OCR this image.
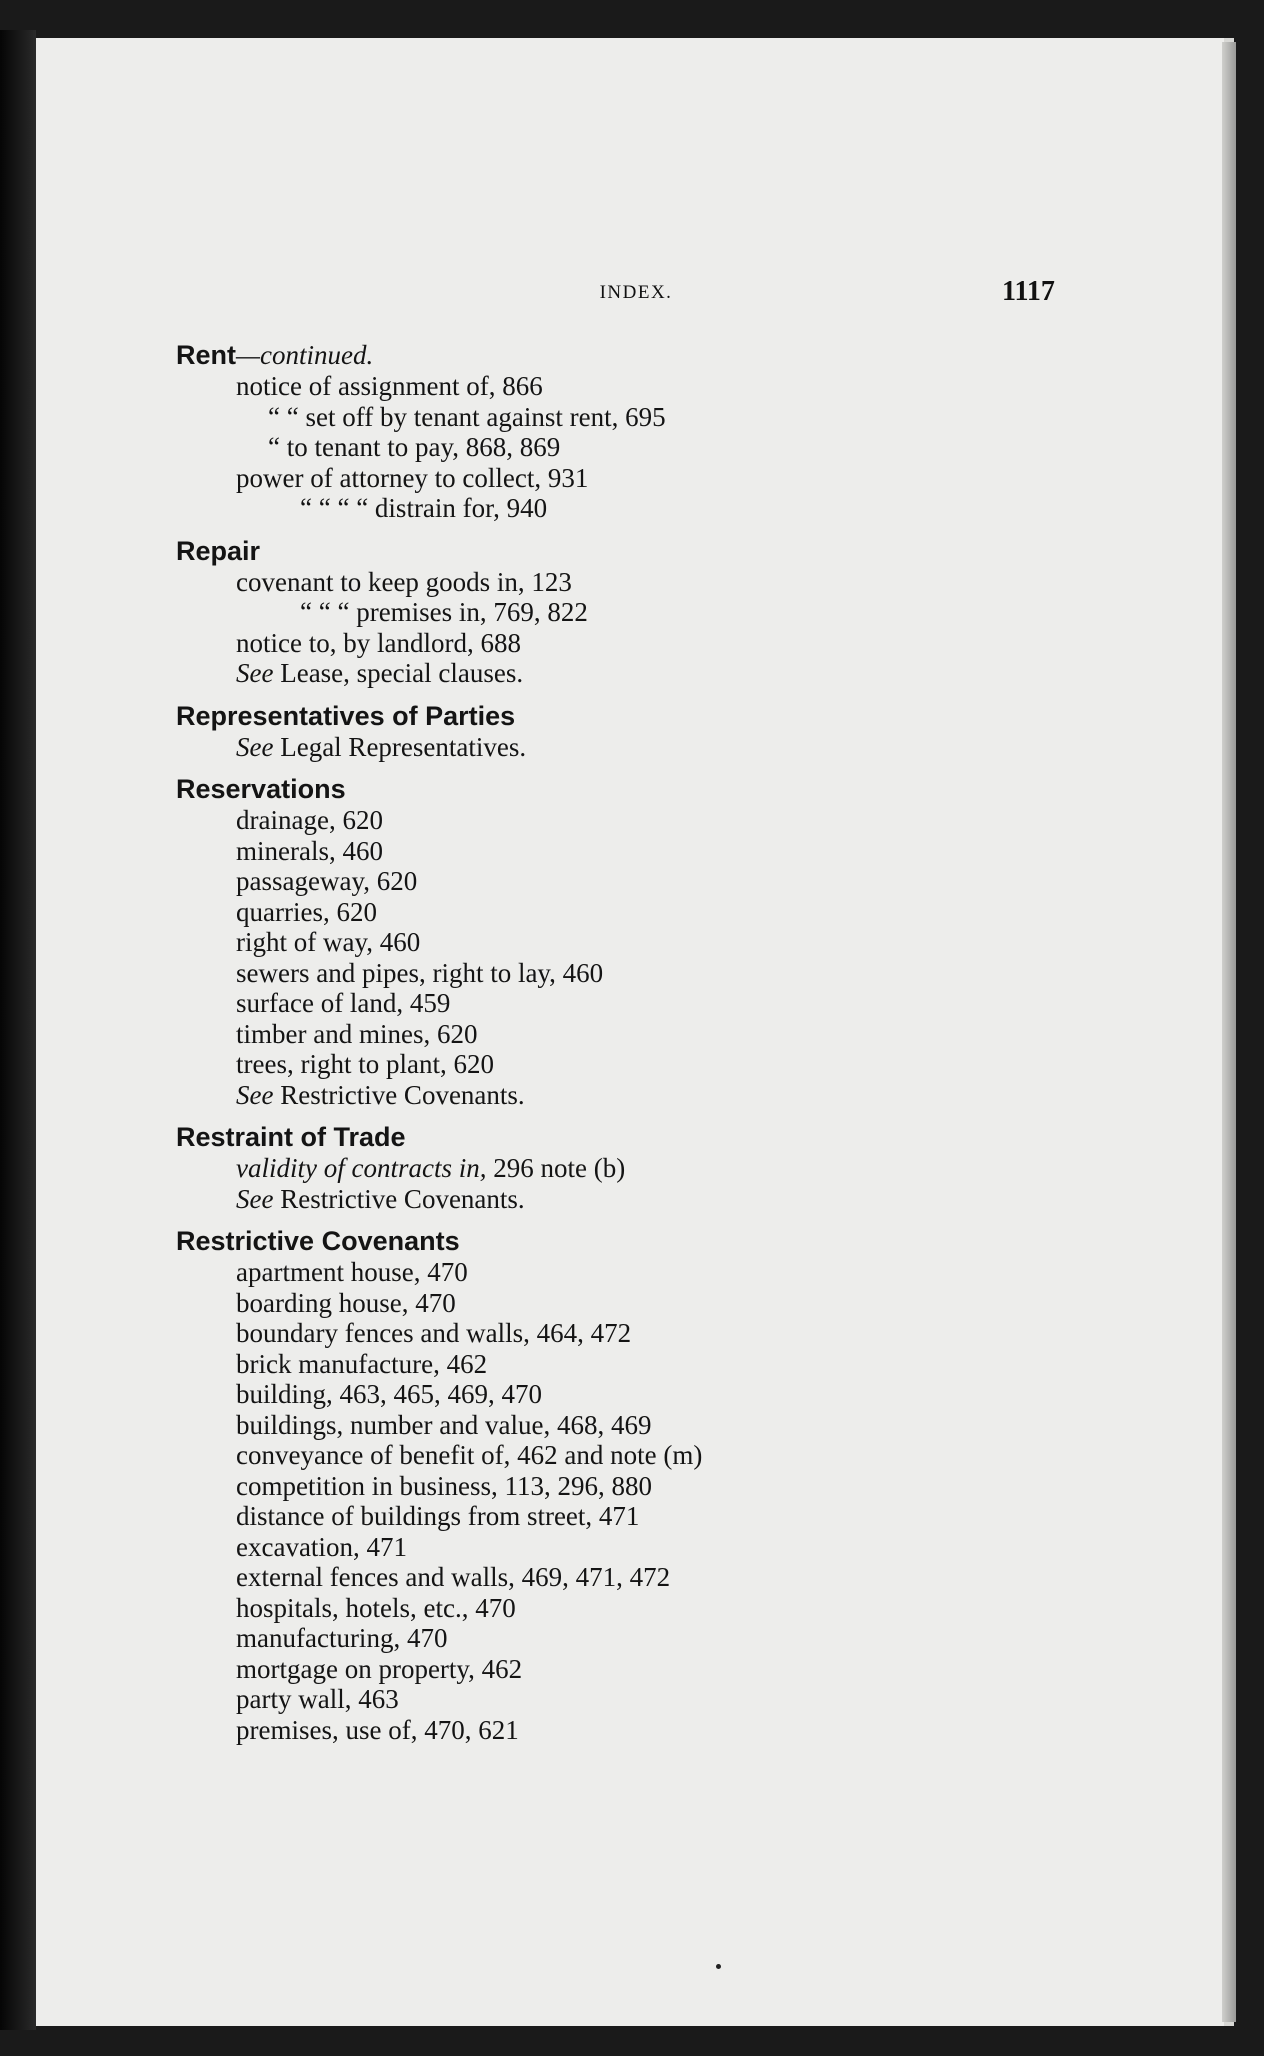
INDEX.	1117
Rent—continued.
notice of assignment of, 866
“ “ set off by tenant against rent, 695
“ to tenant to pay, 868, 869
power of attorney to collect, 931
“ “ “ “ distrain for, 940
Repair
covenant to keep goods in, 123
“ “ “ premises in, 769, 822
notice to, by landlord, 688
See Lease, special clauses.
Representatives of Parties
See Legal Representatives.
Reservations
drainage, 620
minerals, 460
passageway, 620
quarries, 620
right of way, 460
sewers and pipes, right to lay, 460
surface of land, 459
timber and mines, 620
trees, right to plant, 620
See Restrictive Covenants.
Restraint of Trade
validity of contracts in, 296 note (b)
See Restrictive Covenants.
Restrictive Covenants
apartment house, 470
boarding house, 470
boundary fences and walls, 464, 472
brick manufacture, 462
building, 463, 465, 469, 470
buildings, number and value, 468, 469
conveyance of benefit of, 462 and note (m)
competition in business, 113, 296, 880
distance of buildings from street, 471
excavation, 471
external fences and walls, 469, 471, 472
hospitals, hotels, etc., 470
manufacturing, 470
mortgage on property, 462
party wall, 463
premises, use of, 470, 621
